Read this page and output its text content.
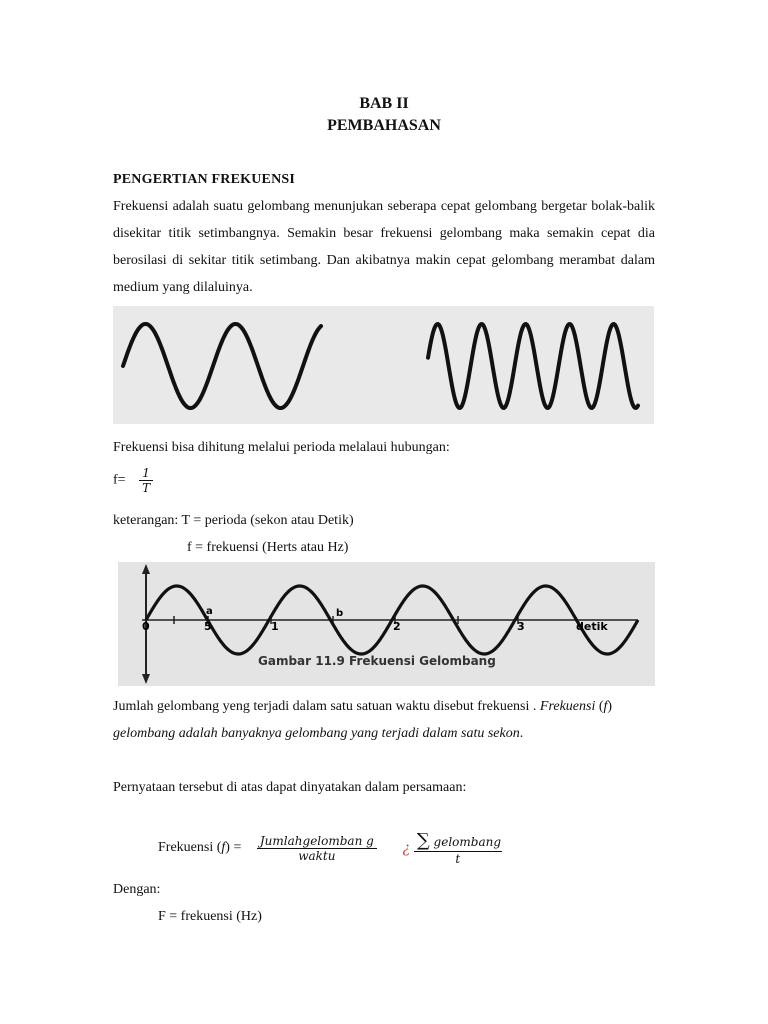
BAB II
PEMBAHASAN
PENGERTIAN FREKUENSI
Frekuensi adalah suatu gelombang menunjukan seberapa cepat gelombang bergetar bolak-balik disekitar titik setimbangnya. Semakin besar frekuensi gelombang maka semakin cepat dia berosilasi di sekitar titik setimbang. Dan akibatnya makin cepat gelombang merambat dalam medium yang dilaluinya.
Frekuensi bisa dihitung melalui perioda melalaui hubungan:
$f= \frac{1}{T}$
keterangan: T = perioda (sekon atau Detik)
f = frekuensi (Herts atau Hz)
0	5	1	2	3	detik
a	b
Gambar 11.9 Frekuensi Gelombang
Jumlah gelombang yeng terjadi dalam satu satuan waktu disebut frekuensi . Frekuensi (f) gelombang adalah banyaknya gelombang yang terjadi dalam satu sekon.
Pernyataan tersebut di atas dapat dinyatakan dalam persamaan:
Frekuensi $(f) = \frac{\text{Jumlahgelomban g}}{\text{waktu}}$ ¿ $\frac{\text{∑ gelombang}}{t}$
Dengan:
F = frekuensi (Hz)
